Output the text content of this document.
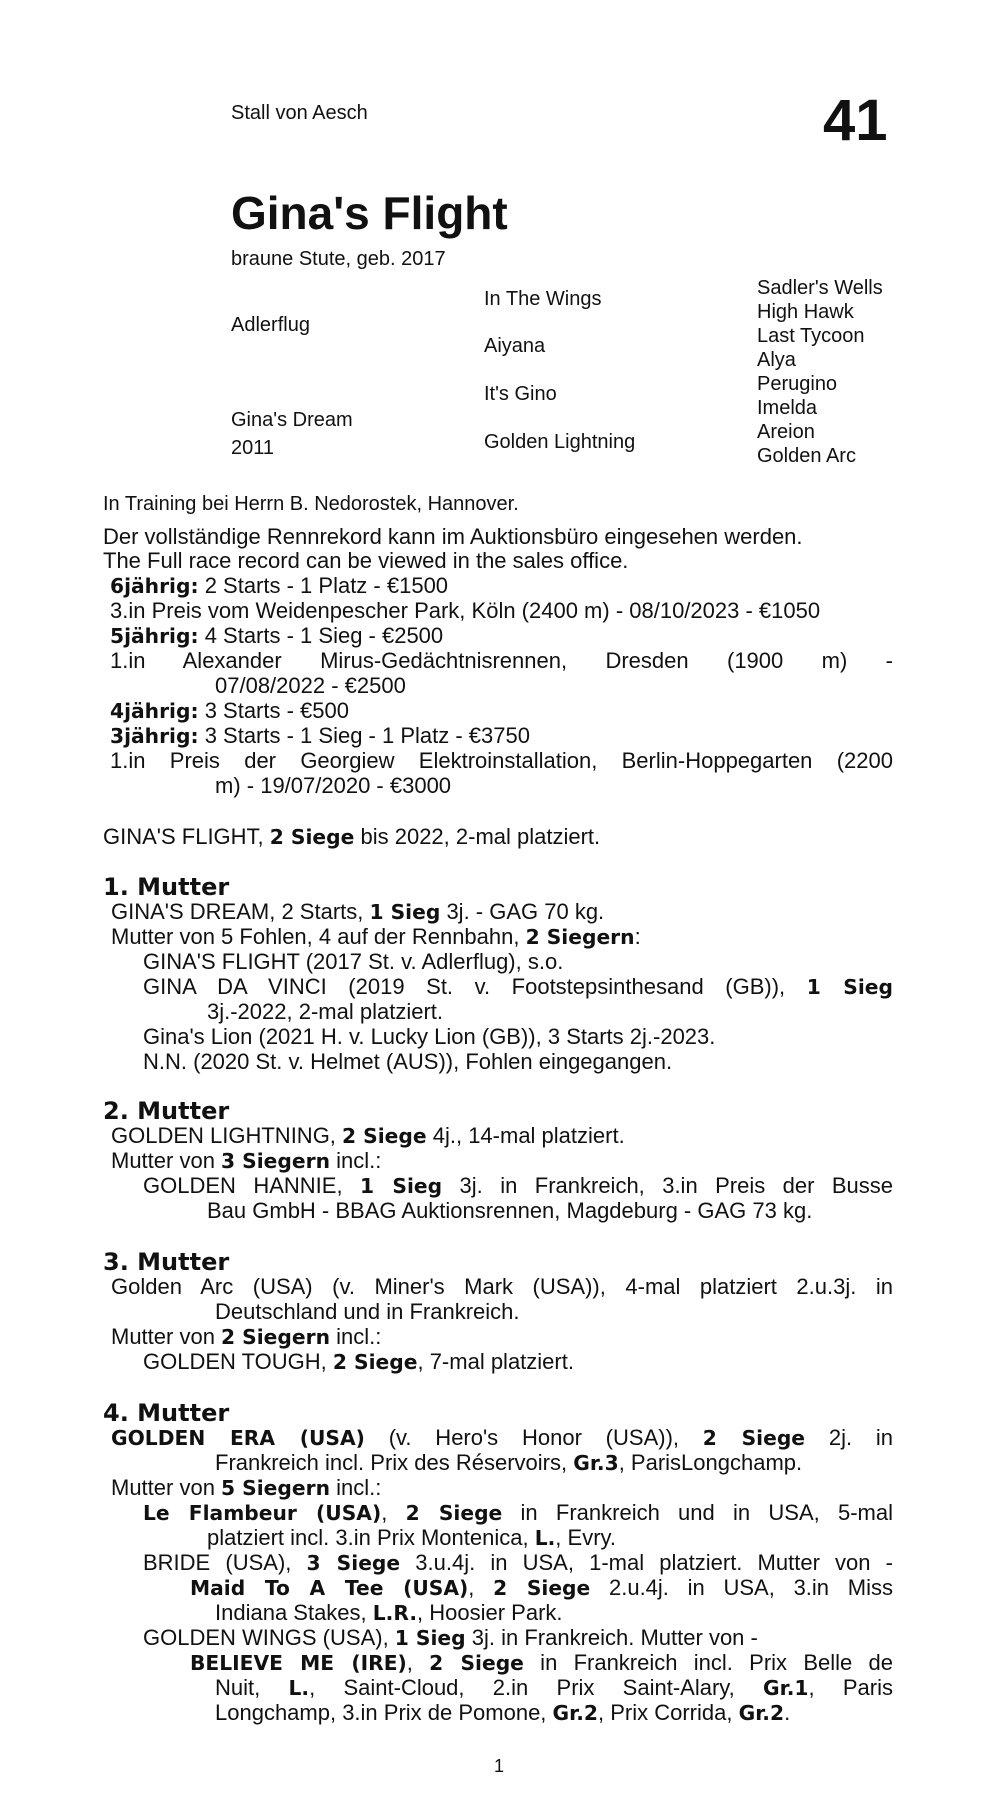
Stall von Aesch	41
Gina's Flight
braune Stute, geb. 2017
Adlerflug
Gina's Dream
2011
In The Wings
Aiyana
It's Gino
Golden Lightning
Sadler's Wells
High Hawk
Last Tycoon
Alya
Perugino
Imelda
Areion
Golden Arc
In Training bei Herrn B. Nedorostek, Hannover.
Der vollständige Rennrekord kann im Auktionsbüro eingesehen werden.
The Full race record can be viewed in the sales office.
6jährig: 2 Starts - 1 Platz - €1500
3.in Preis vom Weidenpescher Park, Köln (2400 m) - 08/10/2023 - €1050
5jährig: 4 Starts - 1 Sieg - €2500
1.in Alexander Mirus-Gedächtnisrennen, Dresden (1900 m) -
07/08/2022 - €2500
4jährig: 3 Starts - €500
3jährig: 3 Starts - 1 Sieg - 1 Platz - €3750
1.in Preis der Georgiew Elektroinstallation, Berlin-Hoppegarten (2200
m) - 19/07/2020 - €3000
GINA'S FLIGHT, 2 Siege bis 2022, 2-mal platziert.
1. Mutter
GINA'S DREAM, 2 Starts, 1 Sieg 3j. - GAG 70 kg.
Mutter von 5 Fohlen, 4 auf der Rennbahn, 2 Siegern:
GINA'S FLIGHT (2017 St. v. Adlerflug), s.o.
GINA DA VINCI (2019 St. v. Footstepsinthesand (GB)), 1 Sieg
3j.-2022, 2-mal platziert.
Gina's Lion (2021 H. v. Lucky Lion (GB)), 3 Starts 2j.-2023.
N.N. (2020 St. v. Helmet (AUS)), Fohlen eingegangen.
2. Mutter
GOLDEN LIGHTNING, 2 Siege 4j., 14-mal platziert.
Mutter von 3 Siegern incl.:
GOLDEN HANNIE, 1 Sieg 3j. in Frankreich, 3.in Preis der Busse
Bau GmbH - BBAG Auktionsrennen, Magdeburg - GAG 73 kg.
3. Mutter
Golden Arc (USA) (v. Miner's Mark (USA)), 4-mal platziert 2.u.3j. in
Deutschland und in Frankreich.
Mutter von 2 Siegern incl.:
GOLDEN TOUGH, 2 Siege, 7-mal platziert.
4. Mutter
GOLDEN ERA (USA) (v. Hero's Honor (USA)), 2 Siege 2j. in
Frankreich incl. Prix des Réservoirs, Gr.3, ParisLongchamp.
Mutter von 5 Siegern incl.:
Le Flambeur (USA), 2 Siege in Frankreich und in USA, 5-mal
platziert incl. 3.in Prix Montenica, L., Evry.
BRIDE (USA), 3 Siege 3.u.4j. in USA, 1-mal platziert. Mutter von -
Maid To A Tee (USA), 2 Siege 2.u.4j. in USA, 3.in Miss
Indiana Stakes, L.R., Hoosier Park.
GOLDEN WINGS (USA), 1 Sieg 3j. in Frankreich. Mutter von -
BELIEVE ME (IRE), 2 Siege in Frankreich incl. Prix Belle de
Nuit, L., Saint-Cloud, 2.in Prix Saint-Alary, Gr.1, Paris
Longchamp, 3.in Prix de Pomone, Gr.2, Prix Corrida, Gr.2.
1
